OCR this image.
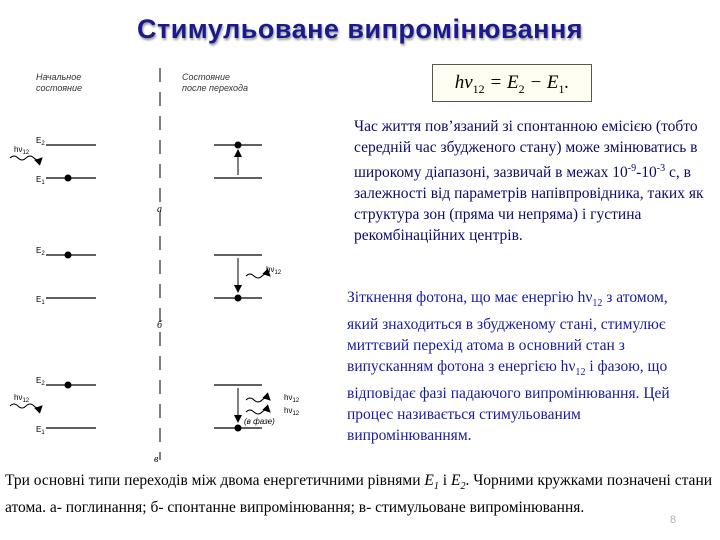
Стимульоване випромінювання
Начальное
состояние
Состояние
после перехода
$E_2$
$E_1$
$h\nu_{12}$
а
$E_2$
$E_1$
$h\nu_{12}$
б
$E_2$
$E_1$
$h\nu_{12}$	$h\nu_{12}$
$h\nu_{12}$
(в фазе)
в
$h\nu_{12} = E_2 - E_1$.
Час життя пов’язаний зі спонтанною емісією (тобто середній час збудженого стану) може змінюватись в широкому діапазоні, зазвичай в межах $10^{-9}-10^{-3}$ с, в залежності від параметрів напівпровідника, таких як структура зон (пряма чи непряма) і густина рекомбінаційних центрів.
Зіткнення фотона, що має енергію $h\nu_{12}$ з атомом, який знаходиться в збудженому стані, стимулює миттєвий перехід атома в основний стан з випусканням фотона з енергією $h\nu_{12}$ і фазою, що відповідає фазі падаючого випромінювання. Цей процес називається стимульованим випромінюванням.
Три основні типи переходів між двома енергетичними рівнями $E_1$ і $E_2$. Чорними кружками позначені стани атома. а- поглинання; б- спонтанне випромінювання; в- стимульоване випромінювання.
8
